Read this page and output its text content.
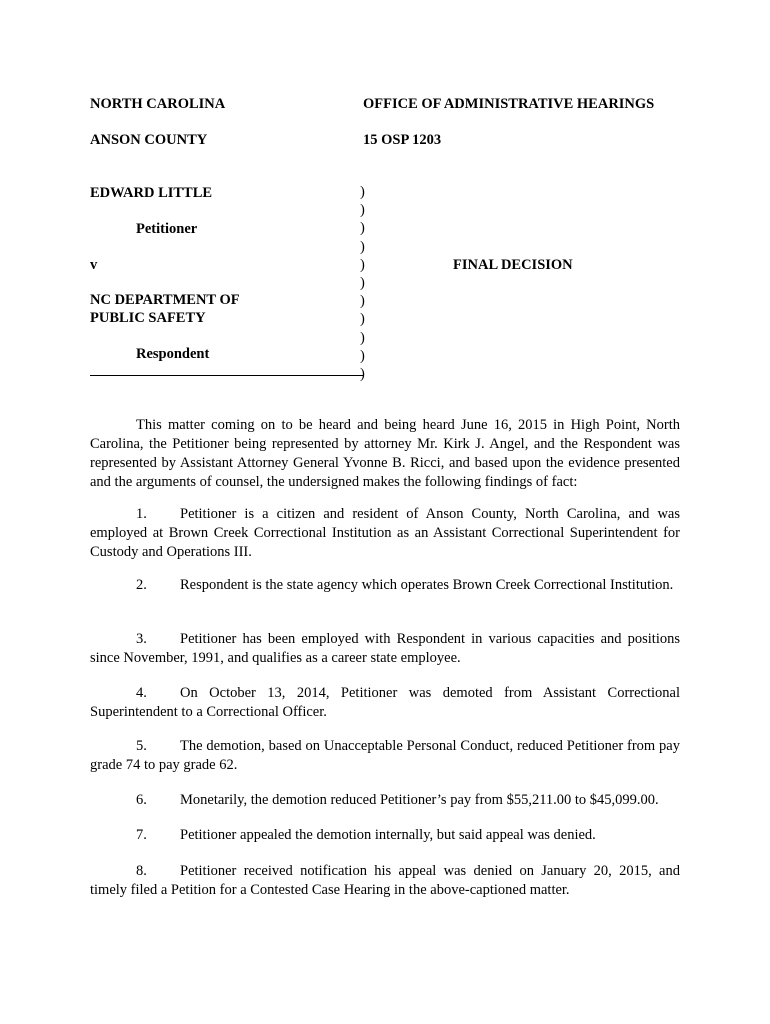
NORTH CAROLINA	OFFICE OF ADMINISTRATIVE HEARINGS
ANSON COUNTY	15 OSP 1203
EDWARD LITTLE
Petitioner
v
NC DEPARTMENT OF
PUBLIC SAFETY
Respondent
FINAL DECISION
)
)
)
)
)
)
)
)
)
)
)
This matter coming on to be heard and being heard June 16, 2015 in High Point, North Carolina, the Petitioner being represented by attorney Mr. Kirk J. Angel, and the Respondent was represented by Assistant Attorney General Yvonne B. Ricci, and based upon the evidence presented and the arguments of counsel, the undersigned makes the following findings of fact:
1. Petitioner is a citizen and resident of Anson County, North Carolina, and was employed at Brown Creek Correctional Institution as an Assistant Correctional Superintendent for Custody and Operations III.
2. Respondent is the state agency which operates Brown Creek Correctional Institution.
3. Petitioner has been employed with Respondent in various capacities and positions since November, 1991, and qualifies as a career state employee.
4. On October 13, 2014, Petitioner was demoted from Assistant Correctional Superintendent to a Correctional Officer.
5. The demotion, based on Unacceptable Personal Conduct, reduced Petitioner from pay grade 74 to pay grade 62.
6. Monetarily, the demotion reduced Petitioner’s pay from $55,211.00 to $45,099.00.
7. Petitioner appealed the demotion internally, but said appeal was denied.
8. Petitioner received notification his appeal was denied on January 20, 2015, and timely filed a Petition for a Contested Case Hearing in the above-captioned matter.
